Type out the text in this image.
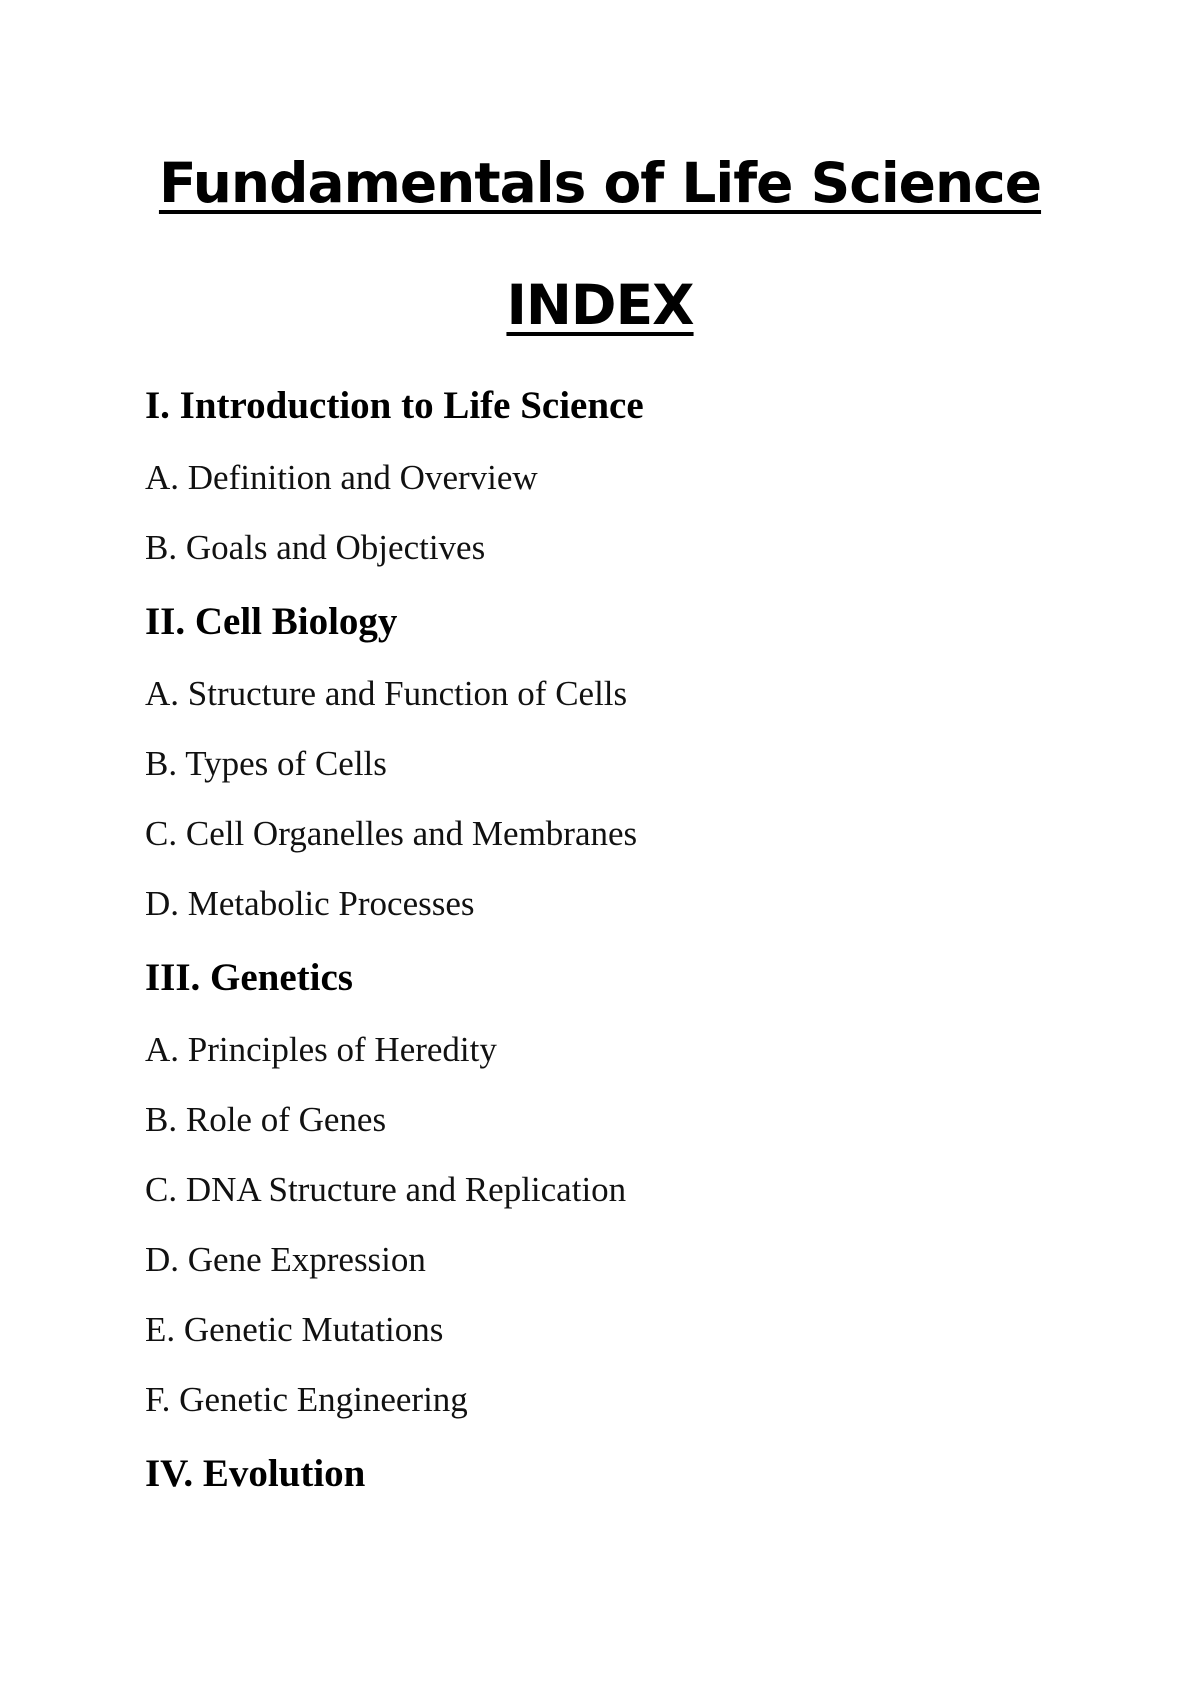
Fundamentals of Life Science
INDEX
I. Introduction to Life Science

A. Definition and Overview

B. Goals and Objectives

II. Cell Biology

A. Structure and Function of Cells

B. Types of Cells

C. Cell Organelles and Membranes

D. Metabolic Processes

III. Genetics

A. Principles of Heredity

B. Role of Genes

C. DNA Structure and Replication

D. Gene Expression

E. Genetic Mutations

F. Genetic Engineering

IV. Evolution
